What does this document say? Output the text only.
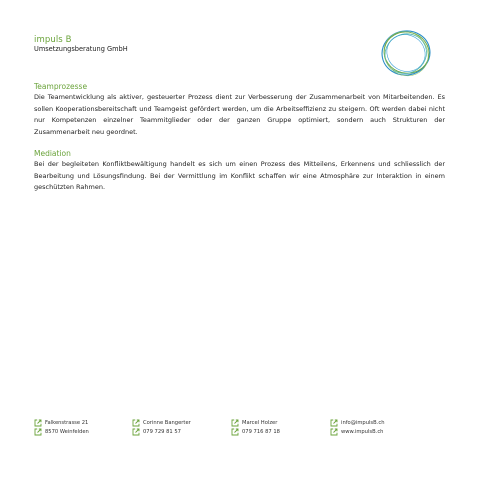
impuls B
Umsetzungsberatung GmbH
Teamprozesse

Die Teamentwicklung als aktiver, gesteuerter Prozess dient zur Verbesserung der Zusammenarbeit von Mitarbeitenden. Es sollen Kooperationsbereitschaft und Teamgeist gefördert werden, um die Arbeitseffizienz zu steigern. Oft werden dabei nicht nur Kompetenzen einzelner Teammitglieder oder der ganzen Gruppe optimiert, sondern auch Strukturen der Zusammenarbeit neu geordnet.

Mediation

Bei der begleiteten Konfliktbewältigung handelt es sich um einen Prozess des Mitteilens, Erkennens und schliesslich der Bearbeitung und Lösungsfindung. Bei der Vermittlung im Konflikt schaffen wir eine Atmosphäre zur Interaktion in einem geschützten Rahmen.

Falkenstrasse 21
8570 Weinfelden
Corinne Bangerter
079 729 81 57
Marcel Holzer
079 716 87 18
info@impulsB.ch
www.impulsB.ch
